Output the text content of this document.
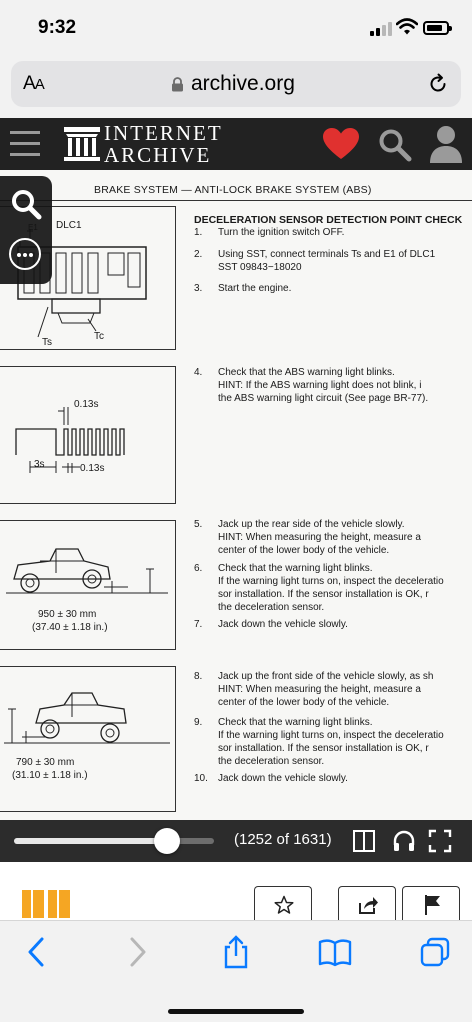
9:32
AA	archive.org
INTERNET
ARCHIVE
BRAKE SYSTEM — ANTI-LOCK BRAKE SYSTEM (ABS)
DECELERATION SENSOR DETECTION POINT CHECK
DLC1
Ts
Tc
0.13s
0.13s
3s
950 ± 30 mm
(37.40 ± 1.18 in.)
790 ± 30 mm
(31.10 ± 1.18 in.)
1. Turn the ignition switch OFF.
2. Using SST, connect terminals Ts and E1 of DLC1
SST 09843−18020
3. Start the engine.
4. Check that the ABS warning light blinks.
HINT: If the ABS warning light does not blink, i
the ABS warning light circuit (See page BR-77).
5. Jack up the rear side of the vehicle slowly.
HINT: When measuring the height, measure a
center of the lower body of the vehicle.
6. Check that the warning light blinks.
If the warning light turns on, inspect the deceleratio
sor installation. If the sensor installation is OK, r
the deceleration sensor.
7. Jack down the vehicle slowly.
8. Jack up the front side of the vehicle slowly, as sh
HINT: When measuring the height, measure a
center of the lower body of the vehicle.
9. Check that the warning light blinks.
If the warning light turns on, inspect the deceleratio
sor installation. If the sensor installation is OK, r
the deceleration sensor.
10. Jack down the vehicle slowly.
(1252 of 1631)
